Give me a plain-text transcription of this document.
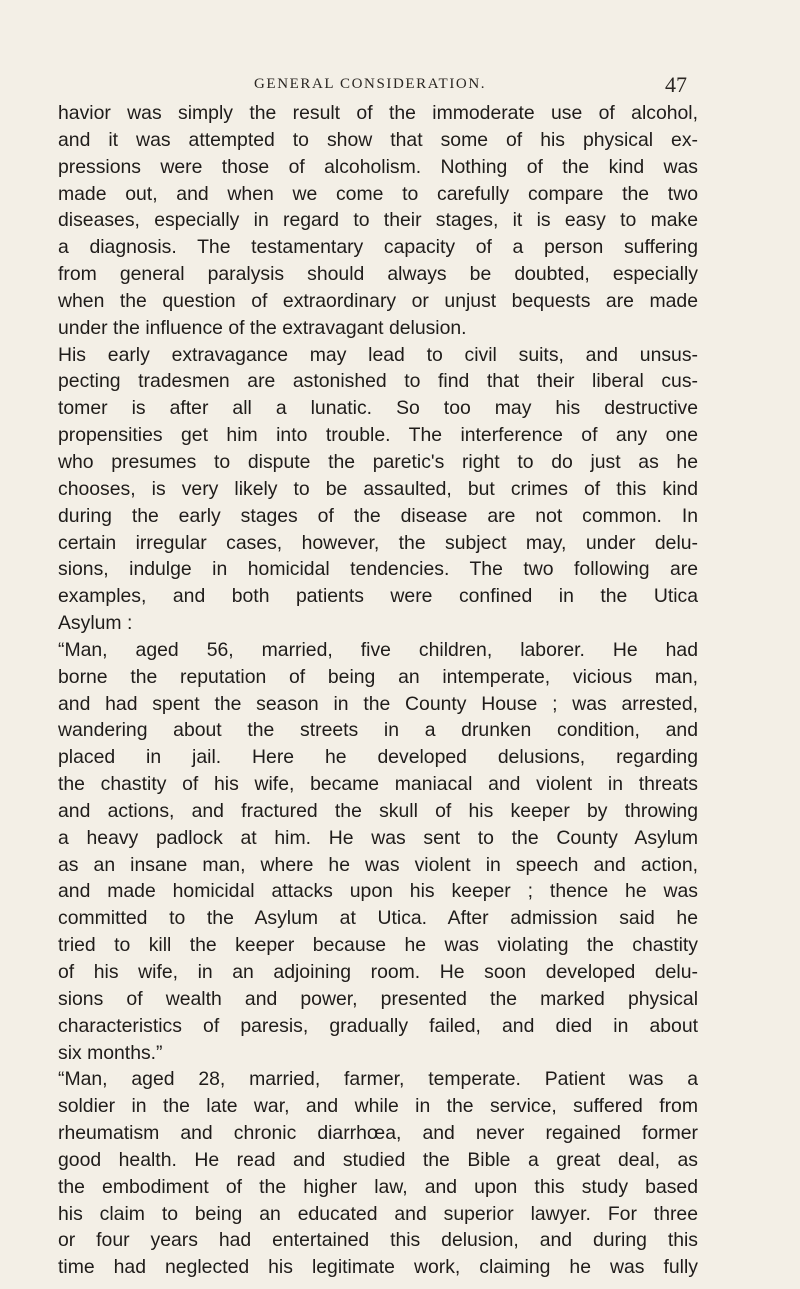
GENERAL CONSIDERATION.	47
havior was simply the result of the immoderate use of alcohol,
and it was attempted to show that some of his physical ex-
pressions were those of alcoholism. Nothing of the kind was
made out, and when we come to carefully compare the two
diseases, especially in regard to their stages, it is easy to make
a diagnosis. The testamentary capacity of a person suffering
from general paralysis should always be doubted, especially
when the question of extraordinary or unjust bequests are made
under the influence of the extravagant delusion.
His early extravagance may lead to civil suits, and unsus-
pecting tradesmen are astonished to find that their liberal cus-
tomer is after all a lunatic. So too may his destructive
propensities get him into trouble. The interference of any one
who presumes to dispute the paretic's right to do just as he
chooses, is very likely to be assaulted, but crimes of this kind
during the early stages of the disease are not common. In
certain irregular cases, however, the subject may, under delu-
sions, indulge in homicidal tendencies. The two following are
examples, and both patients were confined in the Utica
Asylum :
“Man, aged 56, married, five children, laborer. He had
borne the reputation of being an intemperate, vicious man,
and had spent the season in the County House ; was arrested,
wandering about the streets in a drunken condition, and
placed in jail. Here he developed delusions, regarding
the chastity of his wife, became maniacal and violent in threats
and actions, and fractured the skull of his keeper by throwing
a heavy padlock at him. He was sent to the County Asylum
as an insane man, where he was violent in speech and action,
and made homicidal attacks upon his keeper ; thence he was
committed to the Asylum at Utica. After admission said he
tried to kill the keeper because he was violating the chastity
of his wife, in an adjoining room. He soon developed delu-
sions of wealth and power, presented the marked physical
characteristics of paresis, gradually failed, and died in about
six months.”
“Man, aged 28, married, farmer, temperate. Patient was a
soldier in the late war, and while in the service, suffered from
rheumatism and chronic diarrhœa, and never regained former
good health. He read and studied the Bible a great deal, as
the embodiment of the higher law, and upon this study based
his claim to being an educated and superior lawyer. For three
or four years had entertained this delusion, and during this
time had neglected his legitimate work, claiming he was fully
